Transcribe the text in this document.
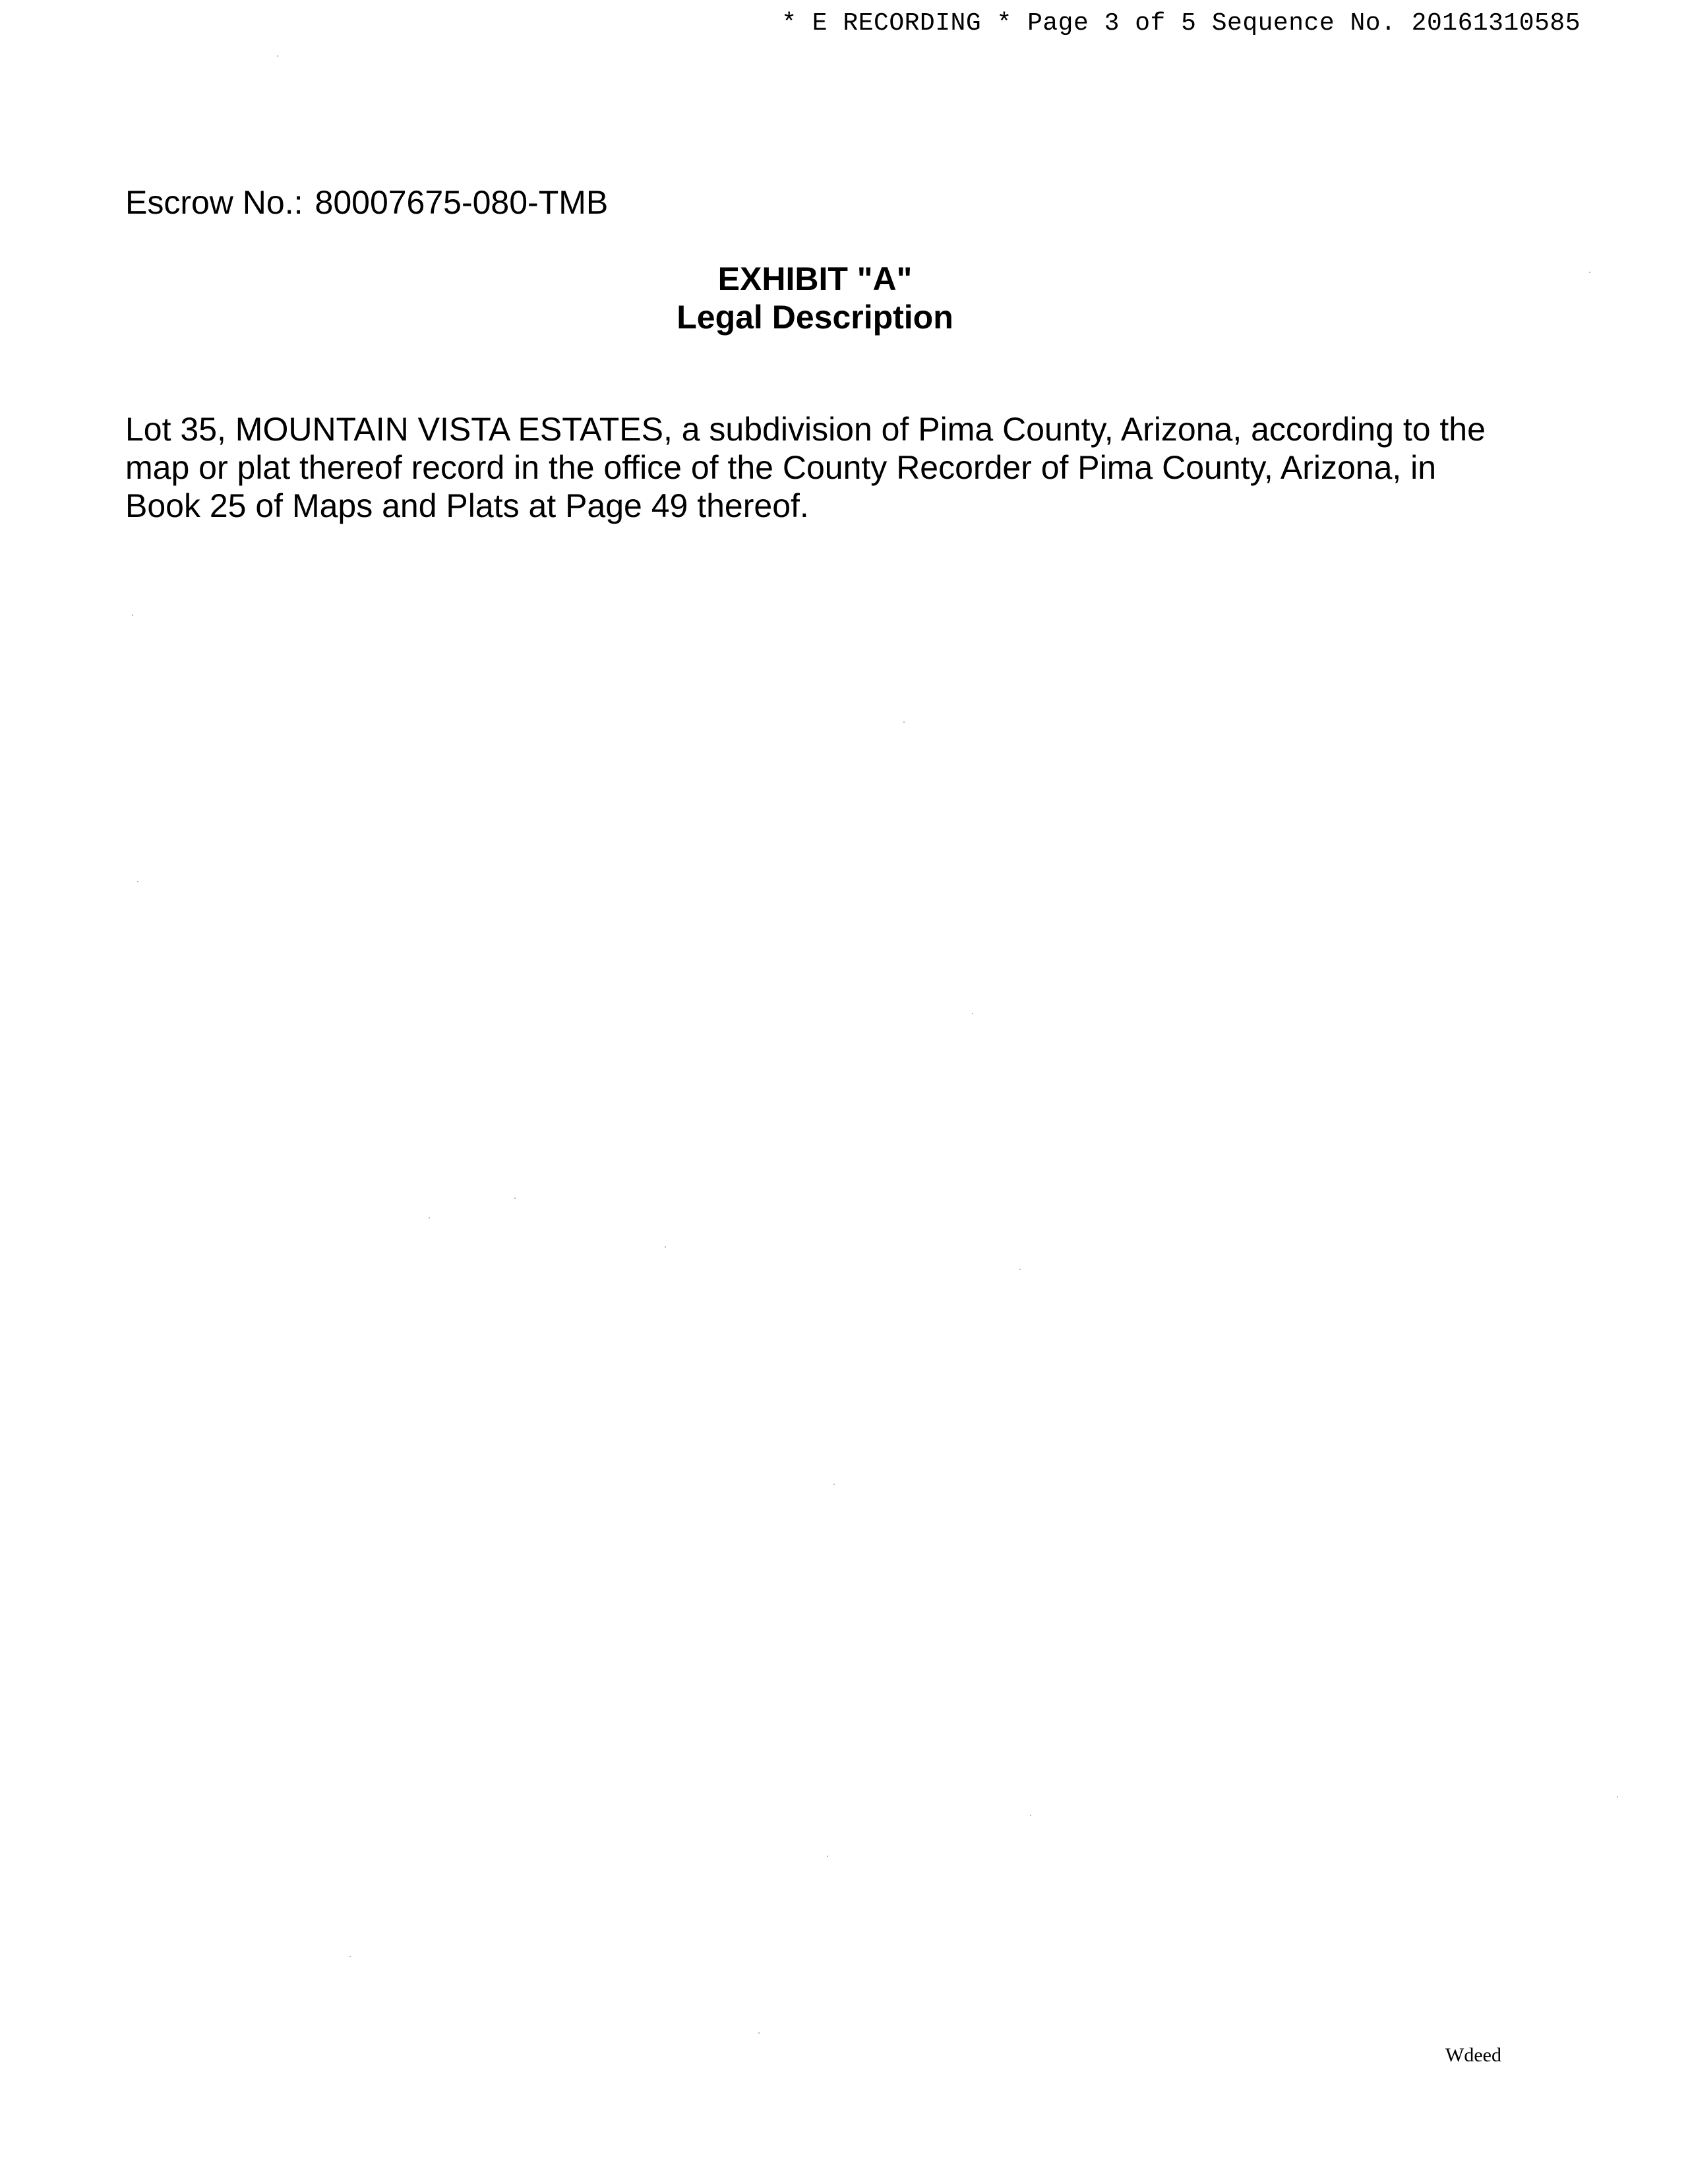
* E RECORDING * Page 3 of 5 Sequence No. 20161310585
Escrow No.: 80007675-080-TMB
EXHIBIT "A"
Legal Description
Lot 35, MOUNTAIN VISTA ESTATES, a subdivision of Pima County, Arizona, according to the
map or plat thereof record in the office of the County Recorder of Pima County, Arizona, in
Book 25 of Maps and Plats at Page 49 thereof.
Wdeed
